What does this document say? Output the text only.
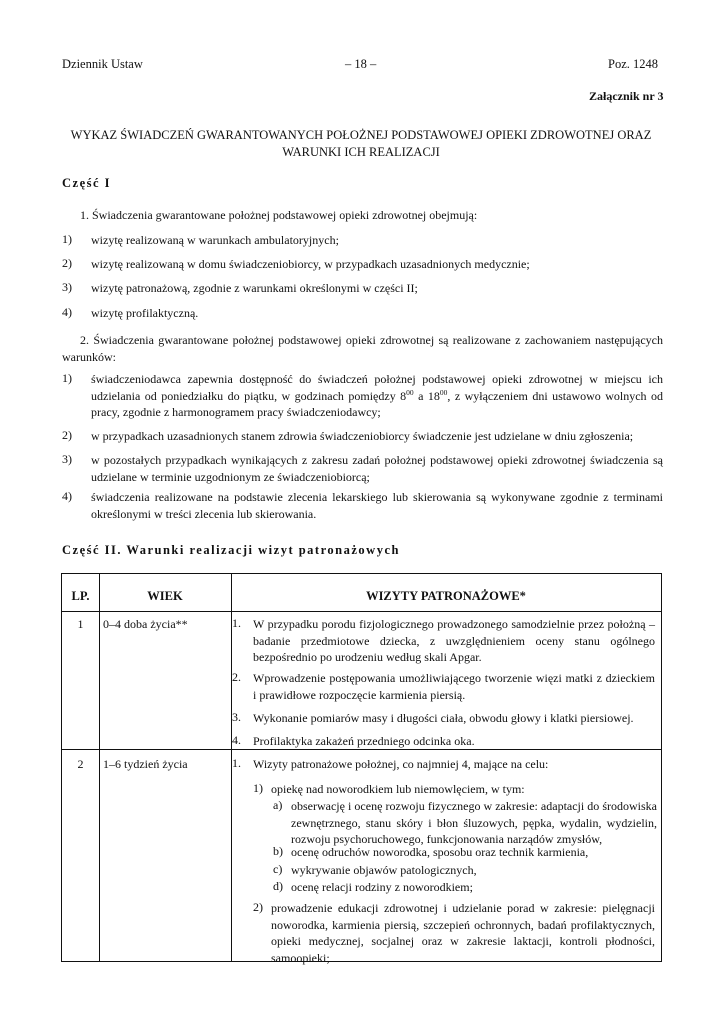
Dziennik Ustaw	– 18 –	Poz. 1248
Załącznik nr 3
WYKAZ ŚWIADCZEŃ GWARANTOWANYCH POŁOŻNEJ PODSTAWOWEJ OPIEKI ZDROWOTNEJ ORAZ WARUNKI ICH REALIZACJI
Część I
1. Świadczenia gwarantowane położnej podstawowej opieki zdrowotnej obejmują:
1) wizytę realizowaną w warunkach ambulatoryjnych;
2) wizytę realizowaną w domu świadczeniobiorcy, w przypadkach uzasadnionych medycznie;
3) wizytę patronażową, zgodnie z warunkami określonymi w części II;
4) wizytę profilaktyczną.
2. Świadczenia gwarantowane położnej podstawowej opieki zdrowotnej są realizowane z zachowaniem następujących warunków:
1) świadczeniodawca zapewnia dostępność do świadczeń położnej podstawowej opieki zdrowotnej w miejscu ich udzielania od poniedziałku do piątku, w godzinach pomiędzy $8^{00}$ a $18^{00}$, z wyłączeniem dni ustawowo wolnych od pracy, zgodnie z harmonogramem pracy świadczeniodawcy;
2) w przypadkach uzasadnionych stanem zdrowia świadczeniobiorcy świadczenie jest udzielane w dniu zgłoszenia;
3) w pozostałych przypadkach wynikających z zakresu zadań położnej podstawowej opieki zdrowotnej świadczenia są udzielane w terminie uzgodnionym ze świadczeniobiorcą;
4) świadczenia realizowane na podstawie zlecenia lekarskiego lub skierowania są wykonywane zgodnie z terminami określonymi w treści zlecenia lub skierowania.
Część II. Warunki realizacji wizyt patronażowych
LP.	WIEK	WIZYTY PATRONAŻOWE*
1	0–4 doba życia**	1. W przypadku porodu fizjologicznego prowadzonego samodzielnie przez położną – badanie przedmiotowe dziecka, z uwzględnieniem oceny stanu ogólnego bezpośrednio po urodzeniu według skali Apgar.
2. Wprowadzenie postępowania umożliwiającego tworzenie więzi matki z dzieckiem i prawidłowe rozpoczęcie karmienia piersią.
3. Wykonanie pomiarów masy i długości ciała, obwodu głowy i klatki piersiowej.
4. Profilaktyka zakażeń przedniego odcinka oka.
2	1–6 tydzień życia	1. Wizyty patronażowe położnej, co najmniej 4, mające na celu:
1) opiekę nad noworodkiem lub niemowlęciem, w tym:
a) obserwację i ocenę rozwoju fizycznego w zakresie: adaptacji do środowiska zewnętrznego, stanu skóry i błon śluzowych, pępka, wydalin, wydzielin, rozwoju psychoruchowego, funkcjonowania narządów zmysłów,
b) ocenę odruchów noworodka, sposobu oraz technik karmienia,
c) wykrywanie objawów patologicznych,
d) ocenę relacji rodziny z noworodkiem;
2) prowadzenie edukacji zdrowotnej i udzielanie porad w zakresie: pielęgnacji noworodka, karmienia piersią, szczepień ochronnych, badań profilaktycznych, opieki medycznej, socjalnej oraz w zakresie laktacji, kontroli płodności, samoopieki;
